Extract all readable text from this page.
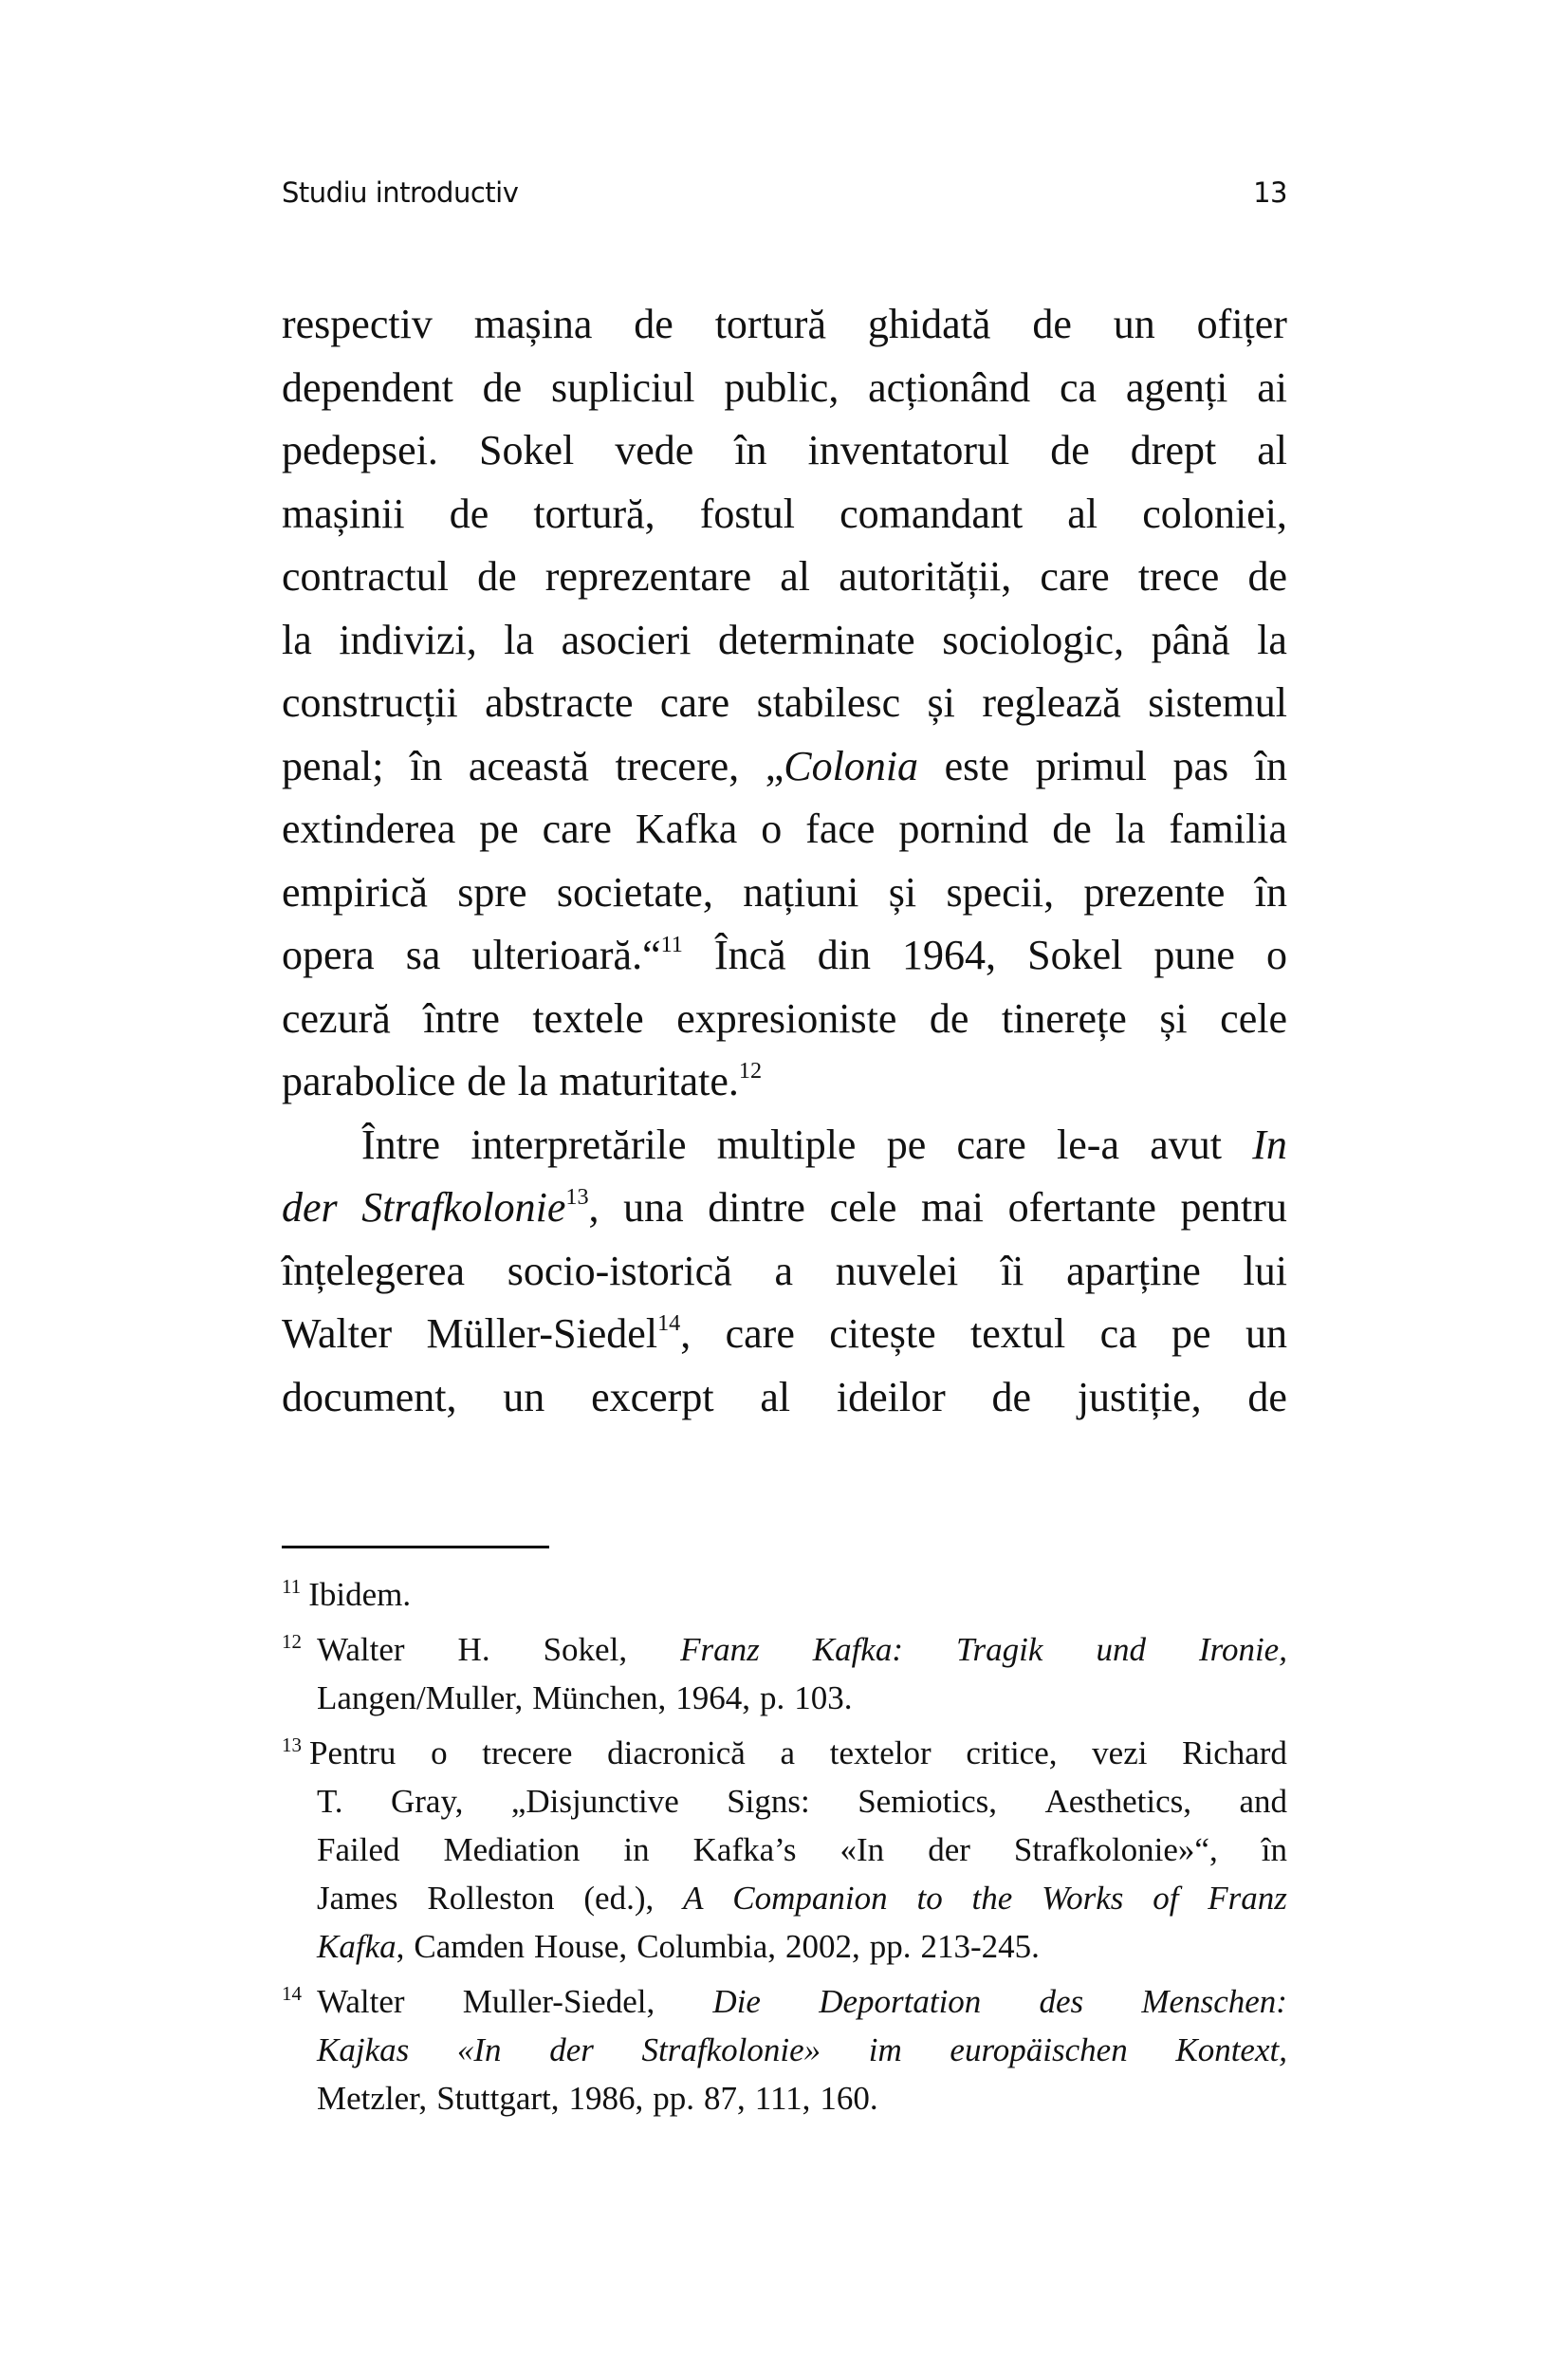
Studiu introductiv	13
respectiv mașina de tortură ghidată de un ofițer
dependent de supliciul public, acționând ca agenți ai
pedepsei. Sokel vede în inventatorul de drept al
mașinii de tortură, fostul comandant al coloniei,
contractul de reprezentare al autorității, care trece de
la indivizi, la asocieri determinate sociologic, până la
construcții abstracte care stabilesc și reglează sistemul
penal; în această trecere, „Colonia este primul pas în
extinderea pe care Kafka o face pornind de la familia
empirică spre societate, națiuni și specii, prezente în
opera sa ulterioară.“$^{11}$ Încă din 1964, Sokel pune o
cezură între textele expresioniste de tinerețe și cele
parabolice de la maturitate.$^{12}$
Între interpretările multiple pe care le-a avut In
der Strafkolonie$^{13}$, una dintre cele mai ofertante pentru
înțelegerea socio-istorică a nuvelei îi aparține lui
Walter Müller-Siedel$^{14}$, care citește textul ca pe un
document, un excerpt al ideilor de justiție, de
$^{11}$ Ibidem.
$^{12}$ Walter H. Sokel, Franz Kafka: Tragik und Ironie,
Langen/Muller, München, 1964, p. 103.
$^{13}$ Pentru o trecere diacronică a textelor critice, vezi Richard
T. Gray, „Disjunctive Signs: Semiotics, Aesthetics, and
Failed Mediation in Kafka’s «In der Strafkolonie»“, în
James Rolleston (ed.), A Companion to the Works of Franz
Kafka, Camden House, Columbia, 2002, pp. 213-245.
$^{14}$ Walter Muller-Siedel, Die Deportation des Menschen:
Kajkas «In der Strafkolonie» im europäischen Kontext,
Metzler, Stuttgart, 1986, pp. 87, 111, 160.
